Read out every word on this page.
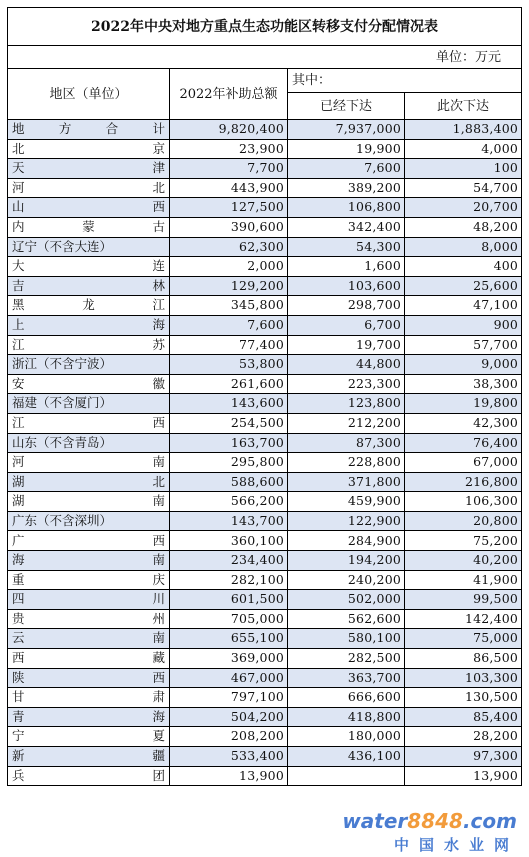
2022年中央对地方重点生态功能区转移支付分配情况表			
单位：万元			
地区（单位）	2022年补助总额	其中：	
		已经下达	此次下达

地 方 合 计	9,820,400	7,937,000	1,883,400

北 京	23,900	19,900	4,000

天 津	7,700	7,600	100

河 北	443,900	389,200	54,700

山 西	127,500	106,800	20,700

内 蒙 古	390,600	342,400	48,200
辽宁（不含大连）	62,300	54,300	8,000

大 连	2,000	1,600	400

吉 林	129,200	103,600	25,600

黑 龙 江	345,800	298,700	47,100

上 海	7,600	6,700	900

江 苏	77,400	19,700	57,700
浙江（不含宁波）	53,800	44,800	9,000

安 徽	261,600	223,300	38,300
福建（不含厦门）	143,600	123,800	19,800

江 西	254,500	212,200	42,300
山东（不含青岛）	163,700	87,300	76,400

河 南	295,800	228,800	67,000

湖 北	588,600	371,800	216,800

湖 南	566,200	459,900	106,300
广东（不含深圳）	143,700	122,900	20,800

广 西	360,100	284,900	75,200

海 南	234,400	194,200	40,200

重 庆	282,100	240,200	41,900

四 川	601,500	502,000	99,500

贵 州	705,000	562,600	142,400

云 南	655,100	580,100	75,000

西 藏	369,000	282,500	86,500

陕 西	467,000	363,700	103,300

甘 肃	797,100	666,600	130,500

青 海	504,200	418,800	85,400

宁 夏	208,200	180,000	28,200

新 疆	533,400	436,100	97,300

兵 团	13,900		13,900
water8848.com
中国水业网
